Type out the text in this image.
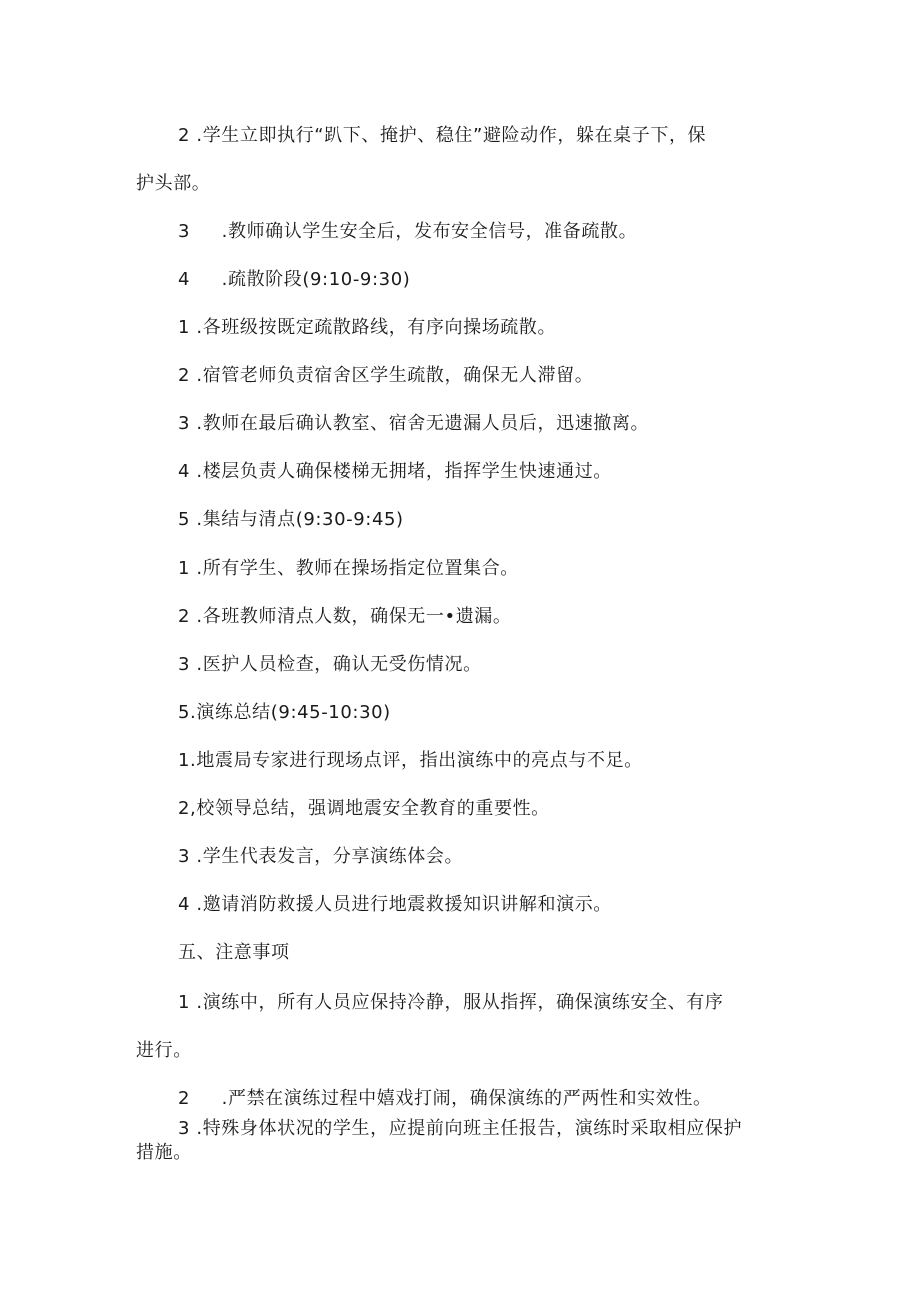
2 .学生立即执行“趴下、掩护、稳住”避险动作，躲在桌子下，保

护头部。

3     .教师确认学生安全后，发布安全信号，准备疏散。

4     .疏散阶段(9:10-9:30)

1 .各班级按既定疏散路线，有序向操场疏散。

2 .宿管老师负责宿舍区学生疏散，确保无人滞留。

3 .教师在最后确认教室、宿舍无遗漏人员后，迅速撤离。

4 .楼层负责人确保楼梯无拥堵，指挥学生快速通过。

5 .集结与清点(9:30-9:45)

1 .所有学生、教师在操场指定位置集合。

2 .各班教师清点人数，确保无一•遗漏。

3 .医护人员检查，确认无受伤情况。

5.演练总结(9:45-10:30)

1.地震局专家进行现场点评，指出演练中的亮点与不足。

2,校领导总结，强调地震安全教育的重要性。

3 .学生代表发言，分享演练体会。

4 .邀请消防救援人员进行地震救援知识讲解和演示。

五、注意事项

1 .演练中，所有人员应保持冷静，服从指挥，确保演练安全、有序

进行。

2     .严禁在演练过程中嬉戏打闹，确保演练的严两性和实效性。

3 .特殊身体状况的学生，应提前向班主任报告，演练时采取相应保护

措施。
